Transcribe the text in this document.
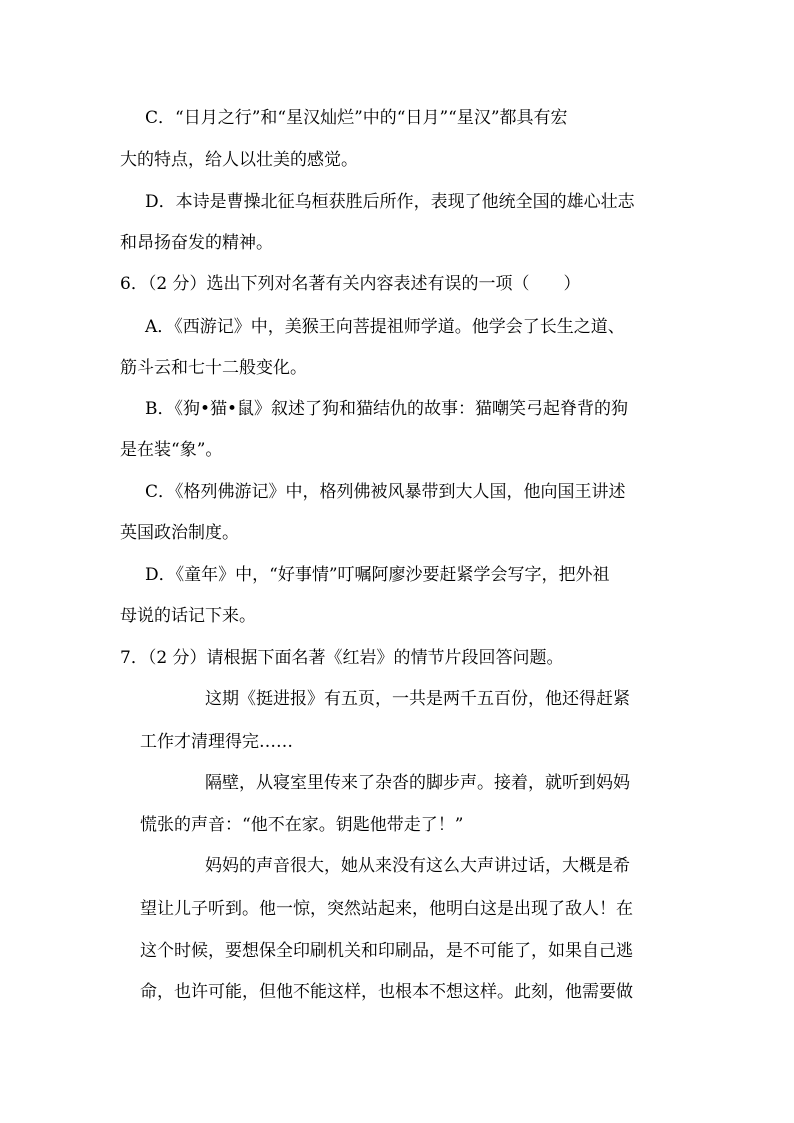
C．“日月之行”和“星汉灿烂”中的“日月”“星汉”都具有宏
大的特点，给人以壮美的感觉。
D．本诗是曹操北征乌桓获胜后所作，表现了他统全国的雄心壮志
和昂扬奋发的精神。
6．（2 分）选出下列对名著有关内容表述有误的一项（　　）
A．《西游记》中，美猴王向菩提祖师学道。他学会了长生之道、
筋斗云和七十二般变化。
B．《狗•猫•鼠》叙述了狗和猫结仇的故事：猫嘲笑弓起脊背的狗
是在装“象”。
C．《格列佛游记》中，格列佛被风暴带到大人国，他向国王讲述
英国政治制度。
D．《童年》中，“好事情”叮嘱阿廖沙要赶紧学会写字，把外祖
母说的话记下来。
7．（2 分）请根据下面名著《红岩》的情节片段回答问题。
这期《挺进报》有五页，一共是两千五百份，他还得赶紧
工作才清理得完……
隔壁，从寝室里传来了杂沓的脚步声。接着，就听到妈妈
慌张的声音：“他不在家。钥匙他带走了！”
妈妈的声音很大，她从来没有这么大声讲过话，大概是希
望让儿子听到。他一惊，突然站起来，他明白这是出现了敌人！在
这个时候，要想保全印刷机关和印刷品，是不可能了，如果自己逃
命，也许可能，但他不能这样，也根本不想这样。此刻，他需要做
